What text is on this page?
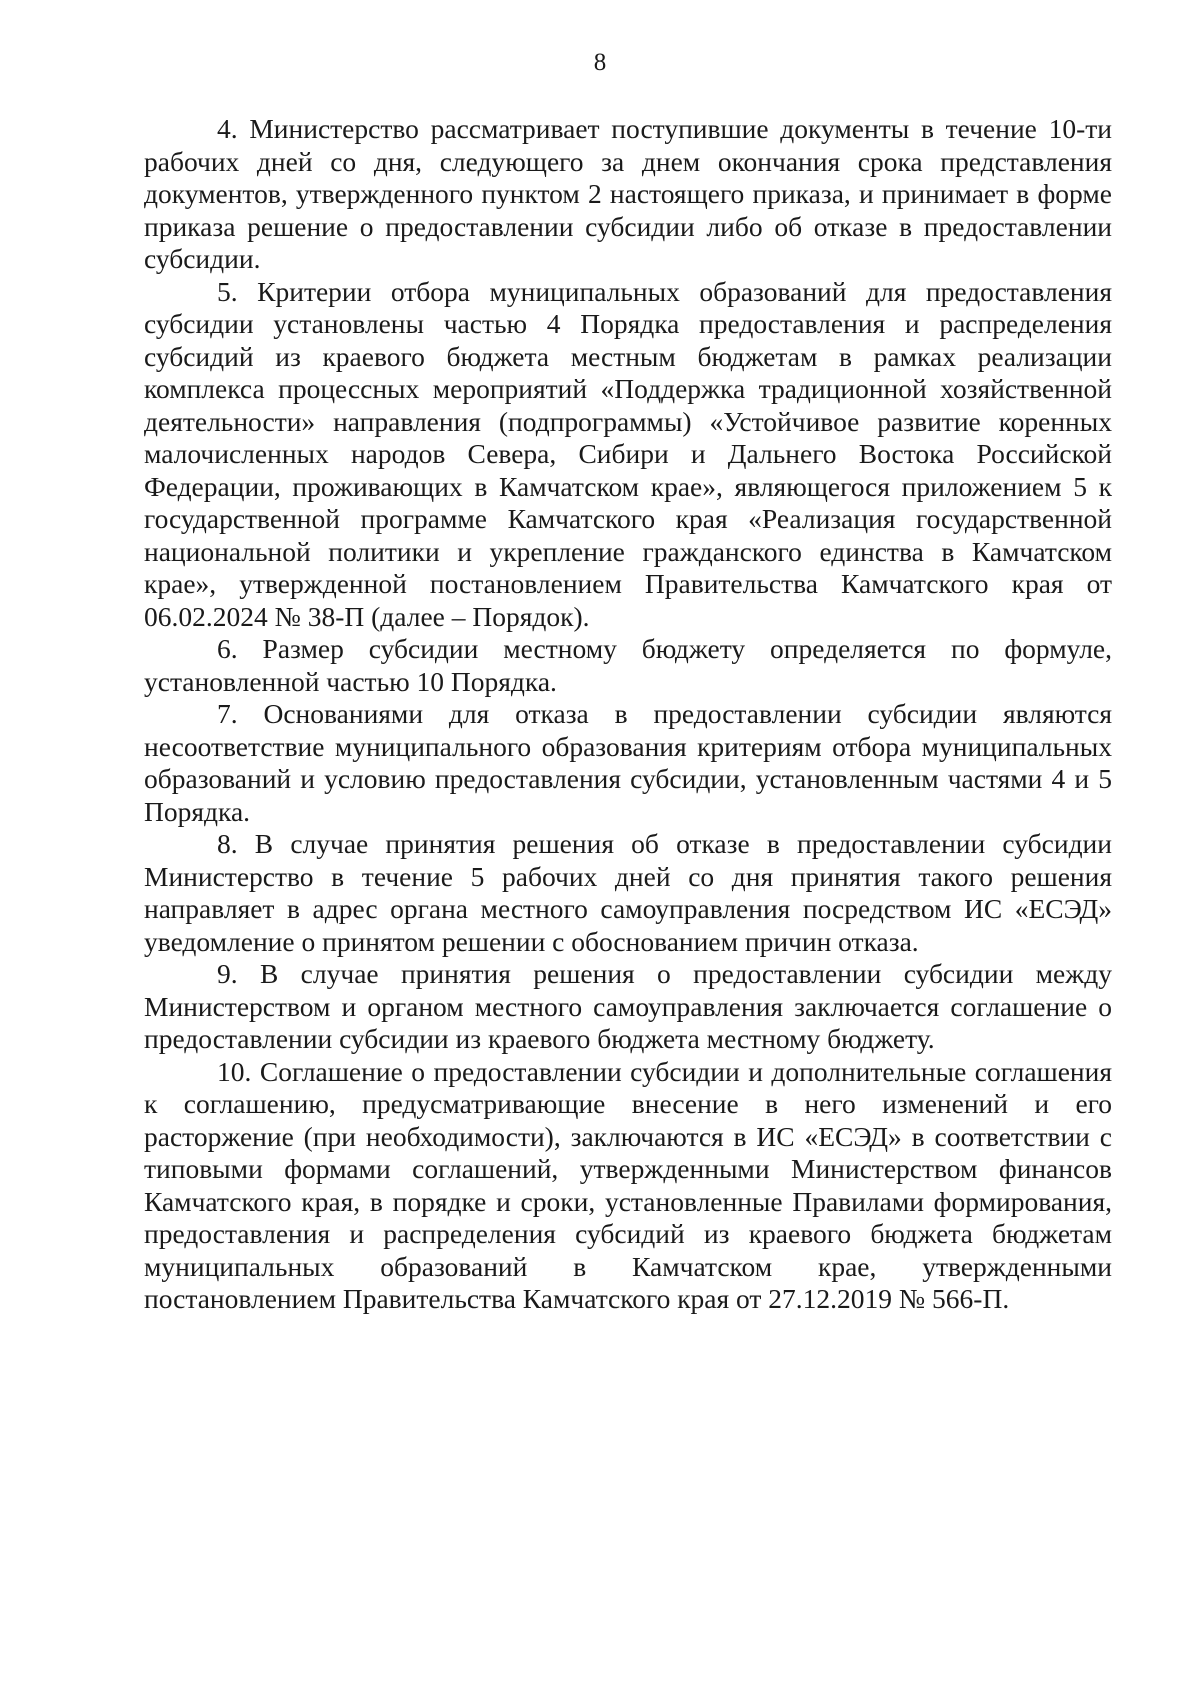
8

4. Министерство рассматривает поступившие документы в течение 10-ти рабочих дней со дня, следующего за днем окончания срока представления документов, утвержденного пунктом 2 настоящего приказа, и принимает в форме приказа решение о предоставлении субсидии либо об отказе в предоставлении субсидии.

5. Критерии отбора муниципальных образований для предоставления субсидии установлены частью 4 Порядка предоставления и распределения субсидий из краевого бюджета местным бюджетам в рамках реализации комплекса процессных мероприятий «Поддержка традиционной хозяйственной деятельности» направления (подпрограммы) «Устойчивое развитие коренных малочисленных народов Севера, Сибири и Дальнего Востока Российской Федерации, проживающих в Камчатском крае», являющегося приложением 5 к государственной программе Камчатского края «Реализация государственной национальной политики и укрепление гражданского единства в Камчатском крае», утвержденной постановлением Правительства Камчатского края от 06.02.2024 № 38-П (далее – Порядок).

6. Размер субсидии местному бюджету определяется по формуле, установленной частью 10 Порядка.

7. Основаниями для отказа в предоставлении субсидии являются несоответствие муниципального образования критериям отбора муниципальных образований и условию предоставления субсидии, установленным частями 4 и 5 Порядка.

8. В случае принятия решения об отказе в предоставлении субсидии Министерство в течение 5 рабочих дней со дня принятия такого решения направляет в адрес органа местного самоуправления посредством ИС «ЕСЭД» уведомление о принятом решении с обоснованием причин отказа.

9. В случае принятия решения о предоставлении субсидии между Министерством и органом местного самоуправления заключается соглашение о предоставлении субсидии из краевого бюджета местному бюджету.

10. Соглашение о предоставлении субсидии и дополнительные соглашения к соглашению, предусматривающие внесение в него изменений и его расторжение (при необходимости), заключаются в ИС «ЕСЭД» в соответствии с типовыми формами соглашений, утвержденными Министерством финансов Камчатского края, в порядке и сроки, установленные Правилами формирования, предоставления и распределения субсидий из краевого бюджета бюджетам муниципальных образований в Камчатском крае, утвержденными постановлением Правительства Камчатского края от 27.12.2019 № 566-П.
